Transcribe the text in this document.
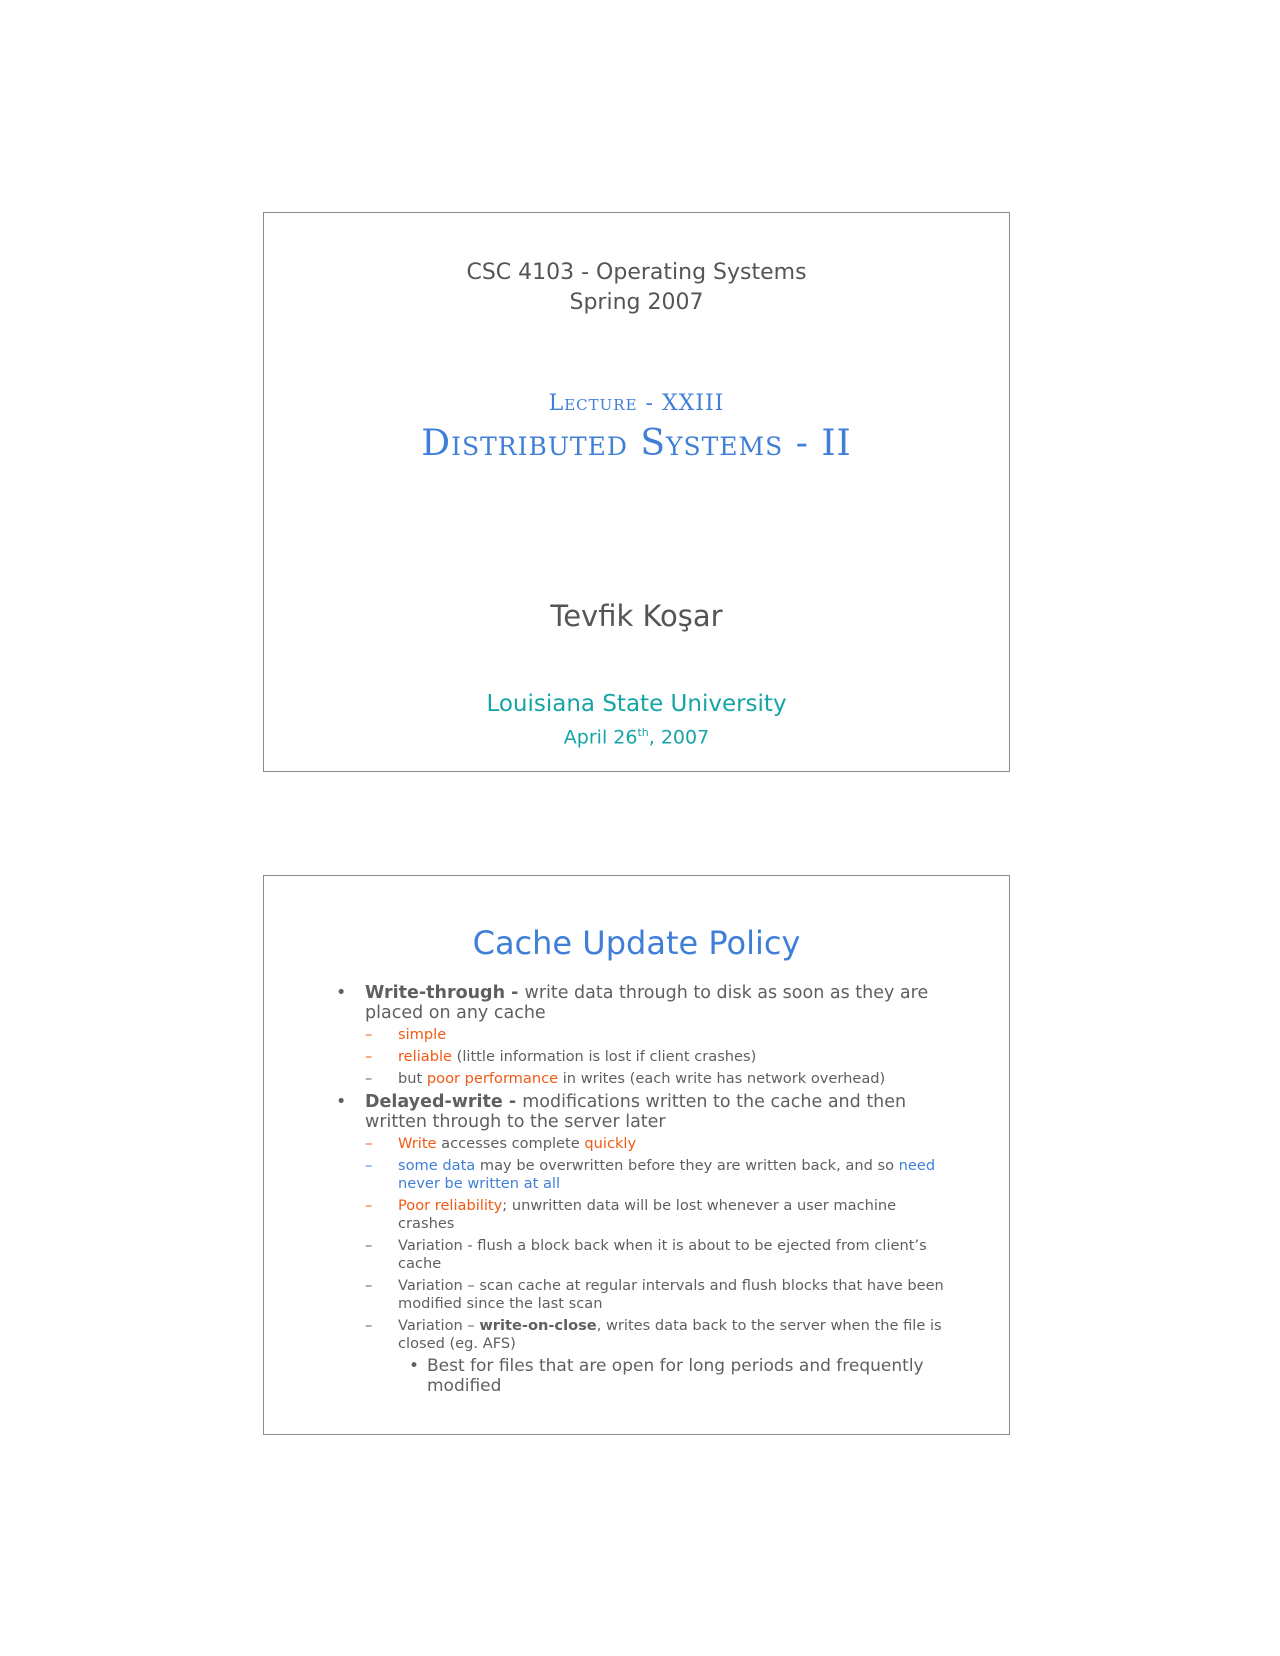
CSC 4103 - Operating Systems
Spring 2007
Lecture - XXIII
Distributed Systems - II
Tevfik Koşar
Louisiana State University
April 26th, 2007
Cache Update Policy
• Write-through - write data through to disk as soon as they are placed on any cache
– simple
– reliable (little information is lost if client crashes)
– but poor performance in writes (each write has network overhead)
• Delayed-write - modifications written to the cache and then written through to the server later
– Write accesses complete quickly
– some data may be overwritten before they are written back, and so need never be written at all
– Poor reliability; unwritten data will be lost whenever a user machine crashes
– Variation - flush a block back when it is about to be ejected from client’s cache
– Variation – scan cache at regular intervals and flush blocks that have been modified since the last scan
– Variation – write-on-close, writes data back to the server when the file is closed (eg. AFS)
• Best for files that are open for long periods and frequently modified
